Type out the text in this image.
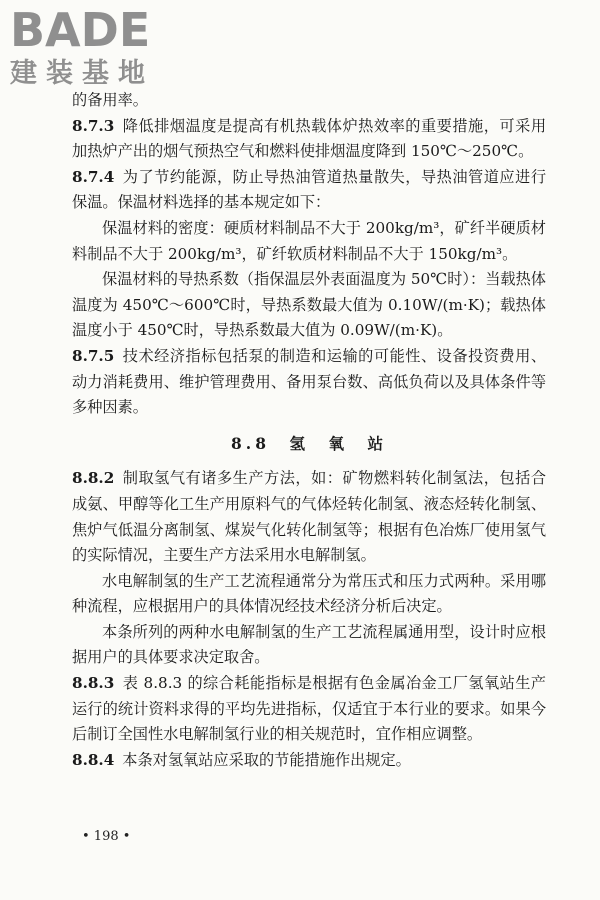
BADE
建装基地

的备用率。

8.7.3 降低排烟温度是提高有机热载体炉热效率的重要措施，可采用加热炉产出的烟气预热空气和燃料使排烟温度降到 150℃～250℃。

8.7.4 为了节约能源，防止导热油管道热量散失，导热油管道应进行保温。保温材料选择的基本规定如下：

保温材料的密度：硬质材料制品不大于 200kg/m³，矿纤半硬质材料制品不大于 200kg/m³，矿纤软质材料制品不大于 150kg/m³。

保温材料的导热系数（指保温层外表面温度为 50℃时）：当载热体温度为 450℃～600℃时，导热系数最大值为 0.10W/(m·K)；载热体温度小于 450℃时，导热系数最大值为 0.09W/(m·K)。

8.7.5 技术经济指标包括泵的制造和运输的可能性、设备投资费用、动力消耗费用、维护管理费用、备用泵台数、高低负荷以及具体条件等多种因素。

8.8　氢　氧　站

8.8.2 制取氢气有诸多生产方法，如：矿物燃料转化制氢法，包括合成氨、甲醇等化工生产用原料气的气体烃转化制氢、液态烃转化制氢、焦炉气低温分离制氢、煤炭气化转化制氢等；根据有色冶炼厂使用氢气的实际情况，主要生产方法采用水电解制氢。

水电解制氢的生产工艺流程通常分为常压式和压力式两种。采用哪种流程，应根据用户的具体情况经技术经济分析后决定。

本条所列的两种水电解制氢的生产工艺流程属通用型，设计时应根据用户的具体要求决定取舍。

8.8.3 表 8.8.3 的综合耗能指标是根据有色金属冶金工厂氢氧站生产运行的统计资料求得的平均先进指标，仅适宜于本行业的要求。如果今后制订全国性水电解制氢行业的相关规范时，宜作相应调整。

8.8.4 本条对氢氧站应采取的节能措施作出规定。

• 198 •
